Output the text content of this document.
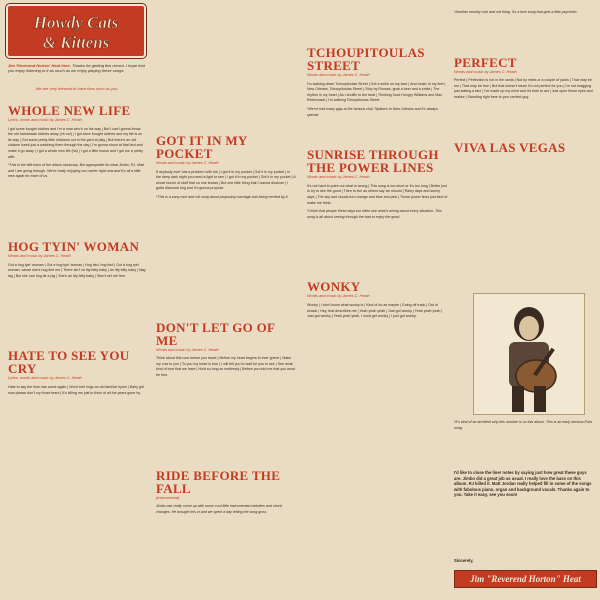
Howdy Cats
& Kittens
Jim 'Reverend Horton' Heat here. Thanks for getting this record. I hope that you enjoy listening to it as much as we enjoy playing these songs.
We are very blessed to have fans such as you.
WHOLE NEW LIFE
Lyrics, words and music by James C. Heath

I got some bought clothes and I'm a man who's on his way | But I can't gonna throw the old handmade clothes away (oh no!) | I got store bought clothes and my life is on its way | Got some pretty little chickens out in the yard at play | But there's an old chicken hawk just a watching them through the day | I'm gonna shoot at that bird and make it go away | I got a whole new life (ha) | I got a little house and I got me a pretty wife.

*This is the title track of the album obviously. But appropriate for what Jimbo, RJ, Matt and I are going through. We're really enjoying our career right now and it's all a little new again for each of us.

HOG TYIN' WOMAN
Words and music by James C. Heath

Got a hog tyin' woman | Got a hog tyin' woman | Hog tied, hog tied | Got a hog tyin' woman, cause she's hog tied me | There ain't no itty bitty baby | An itty bitty baby | Nag lag | But she can hog tie a pig | She's an itty bitty baby | Won't set me free.

HATE TO SEE YOU CRY
Lyrics, words and music by James C. Heath

Hate to say the time has come again | Won't bell rings an old familiar hymn | Baby girl now please don't cry those tears | It's killing me just to think of all the years gone by.

GOT IT IN MY POCKET
Words and music by James C. Heath

If anybody ever has a problem with me | I got it in my pocket | Got it in my pocket | In the deep dark night you need a light to see | I got it in my pocket | Got it in my pocket | A whole bunch of stuff that no one knows | But one little thing that I wanna disclose | I gotta diamond ring and I'm gonna propose.

*This is a zany rock and roll song about proposing marriage and being excited by it.

DON'T LET GO OF ME
Words and music by James C. Heath

Think about this now before you leave | Before my heart begins to ever grieve | Make my vow to you | To you my heart is true | I will tell you to wait for you to see | See what kind of love that we have | Hold so long so endlessly | Before you told me that you must be free.

RIDE BEFORE THE FALL
(Instrumental)

Jimbo can really come up with some cool little instrumental melodies and chord changes. He brought this in and we spent a day letting the song grow.

TCHOUPITOULAS STREET
Words and music by James C. Heath

I'm walking down Tchoupitoulas Street | Got a smile on my face | And music in my feet | New Orleans, Tchoupitoulas Street | Stop by Rouses, grab a beer and a smile | The rhythm in my heart | As I shuffle to the beat | Thinking 'bout Hungry Williams and Mac Rebennack | I'm walking Tchoupitoulas Street.

*We've had many gigs at the famous club Tipitina's in New Orleans and it's always special.

SUNRISE THROUGH THE POWER LINES
Words and music by James C. Heath

It's not hard to point out what is wrong | This song is too short or it's too long | Better just to try to see the good | Then to live as others say we should | Rainy days and sunny days | The sky and clouds turn orange and blue and pink | Those power lines just kind of make me think.

*I think that people these days too often see what's wrong about every situation. This song is all about seeing through the bad to enjoy the good.

WONKY
Words and music by James C. Heath

Wonky | I don't know what wonky is | Kind of do as maybe | Going off track | Out of whack | Hey, that describes me | Yeah yeah yeah | Just got wonky | Yeah yeah yeah | Just got wonky | Yeah yeah yeah, I must get wonky | I just got wonky.

*Another novelty rock and roll thing. It's a love song that gets a little psychotic.

PERFECT
Words and music by James C. Heath

Perfect | Perfection is not in the cards | Not by miles or a couple of yards | That may be me | That may be true | But that doesn't mean I'm not perfect for you | I'm not bragging just stating a fact | I've made up my mind and it's time to act | Just open those eyes and realize | Standing right here is your perfect guy.

VIVA LAS VEGAS

*It's kind of an accident why this number is on this album. This is an early obvious Elvis song.

I'd like to close the liner notes by saying just how great these guys are. Jimbo did a great job as usual. I really love the bass on this album. RJ killed it. Matt Jordan really helped fill in some of the songs with fabulous piano, organ and background vocals. Thanks again to you. Take it easy, see you soon!
Sincerely,
Jim "Reverend Horton" Heat
